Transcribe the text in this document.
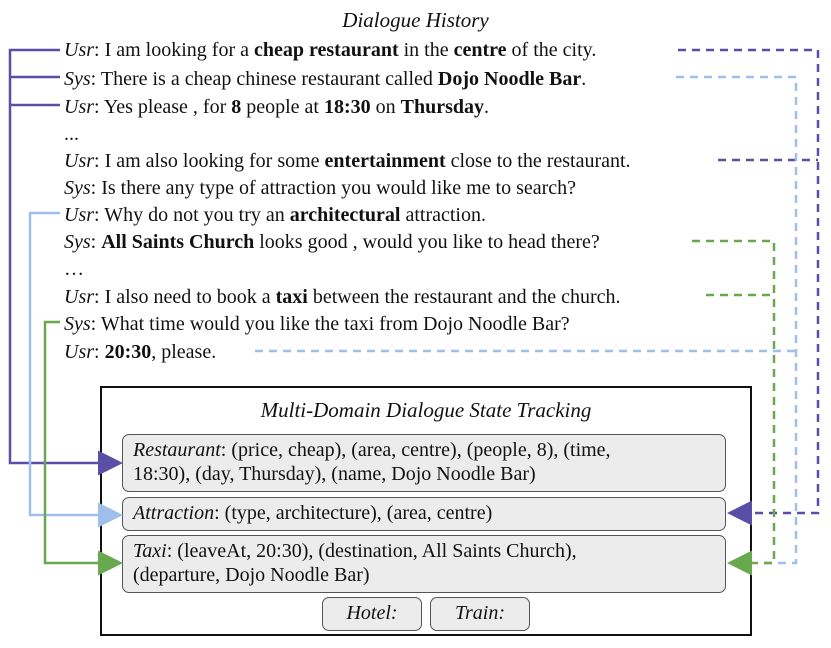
Dialogue History
Usr: I am looking for a cheap restaurant in the centre of the city.
Sys: There is a cheap chinese restaurant called Dojo Noodle Bar.
Usr: Yes please , for 8 people at 18:30 on Thursday.
...
Usr: I am also looking for some entertainment close to the restaurant.
Sys: Is there any type of attraction you would like me to search?
Usr: Why do not you try an architectural attraction.
Sys: All Saints Church looks good , would you like to head there?
…
Usr: I also need to book a taxi between the restaurant and the church.
Sys: What time would you like the taxi from Dojo Noodle Bar?
Usr: 20:30, please.
Multi-Domain Dialogue State Tracking
Restaurant: (price, cheap), (area, centre), (people, 8), (time,
18:30), (day, Thursday), (name, Dojo Noodle Bar)
Attraction: (type, architecture), (area, centre)
Taxi: (leaveAt, 20:30), (destination, All Saints Church),
(departure, Dojo Noodle Bar)
Hotel:	Train:
